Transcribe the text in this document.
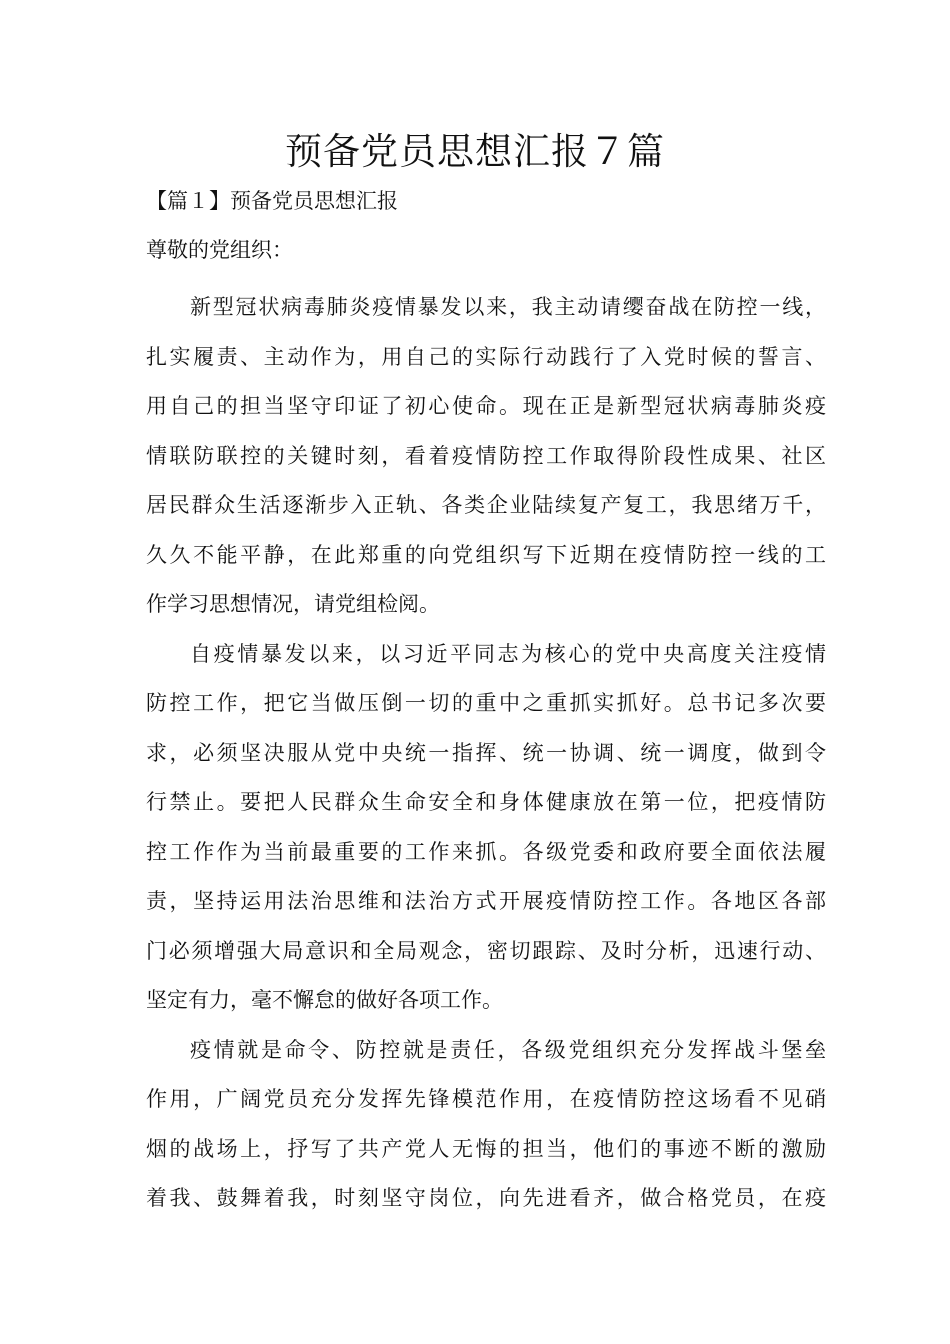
预备党员思想汇报７篇

【篇１】预备党员思想汇报

尊敬的党组织：

新型冠状病毒肺炎疫情暴发以来，我主动请缨奋战在防控一线，
扎实履责、主动作为，用自己的实际行动践行了入党时候的誓言、
用自己的担当坚守印证了初心使命。现在正是新型冠状病毒肺炎疫
情联防联控的关键时刻，看着疫情防控工作取得阶段性成果、社区
居民群众生活逐渐步入正轨、各类企业陆续复产复工，我思绪万千，
久久不能平静，在此郑重的向党组织写下近期在疫情防控一线的工
作学习思想情况，请党组检阅。

自疫情暴发以来，以习近平同志为核心的党中央高度关注疫情
防控工作，把它当做压倒一切的重中之重抓实抓好。总书记多次要
求，必须坚决服从党中央统一指挥、统一协调、统一调度，做到令
行禁止。要把人民群众生命安全和身体健康放在第一位，把疫情防
控工作作为当前最重要的工作来抓。各级党委和政府要全面依法履
责，坚持运用法治思维和法治方式开展疫情防控工作。各地区各部
门必须增强大局意识和全局观念，密切跟踪、及时分析，迅速行动、
坚定有力，毫不懈怠的做好各项工作。

疫情就是命令、防控就是责任，各级党组织充分发挥战斗堡垒
作用，广阔党员充分发挥先锋模范作用，在疫情防控这场看不见硝
烟的战场上，抒写了共产党人无悔的担当，他们的事迹不断的激励
着我、鼓舞着我，时刻坚守岗位，向先进看齐，做合格党员，在疫
